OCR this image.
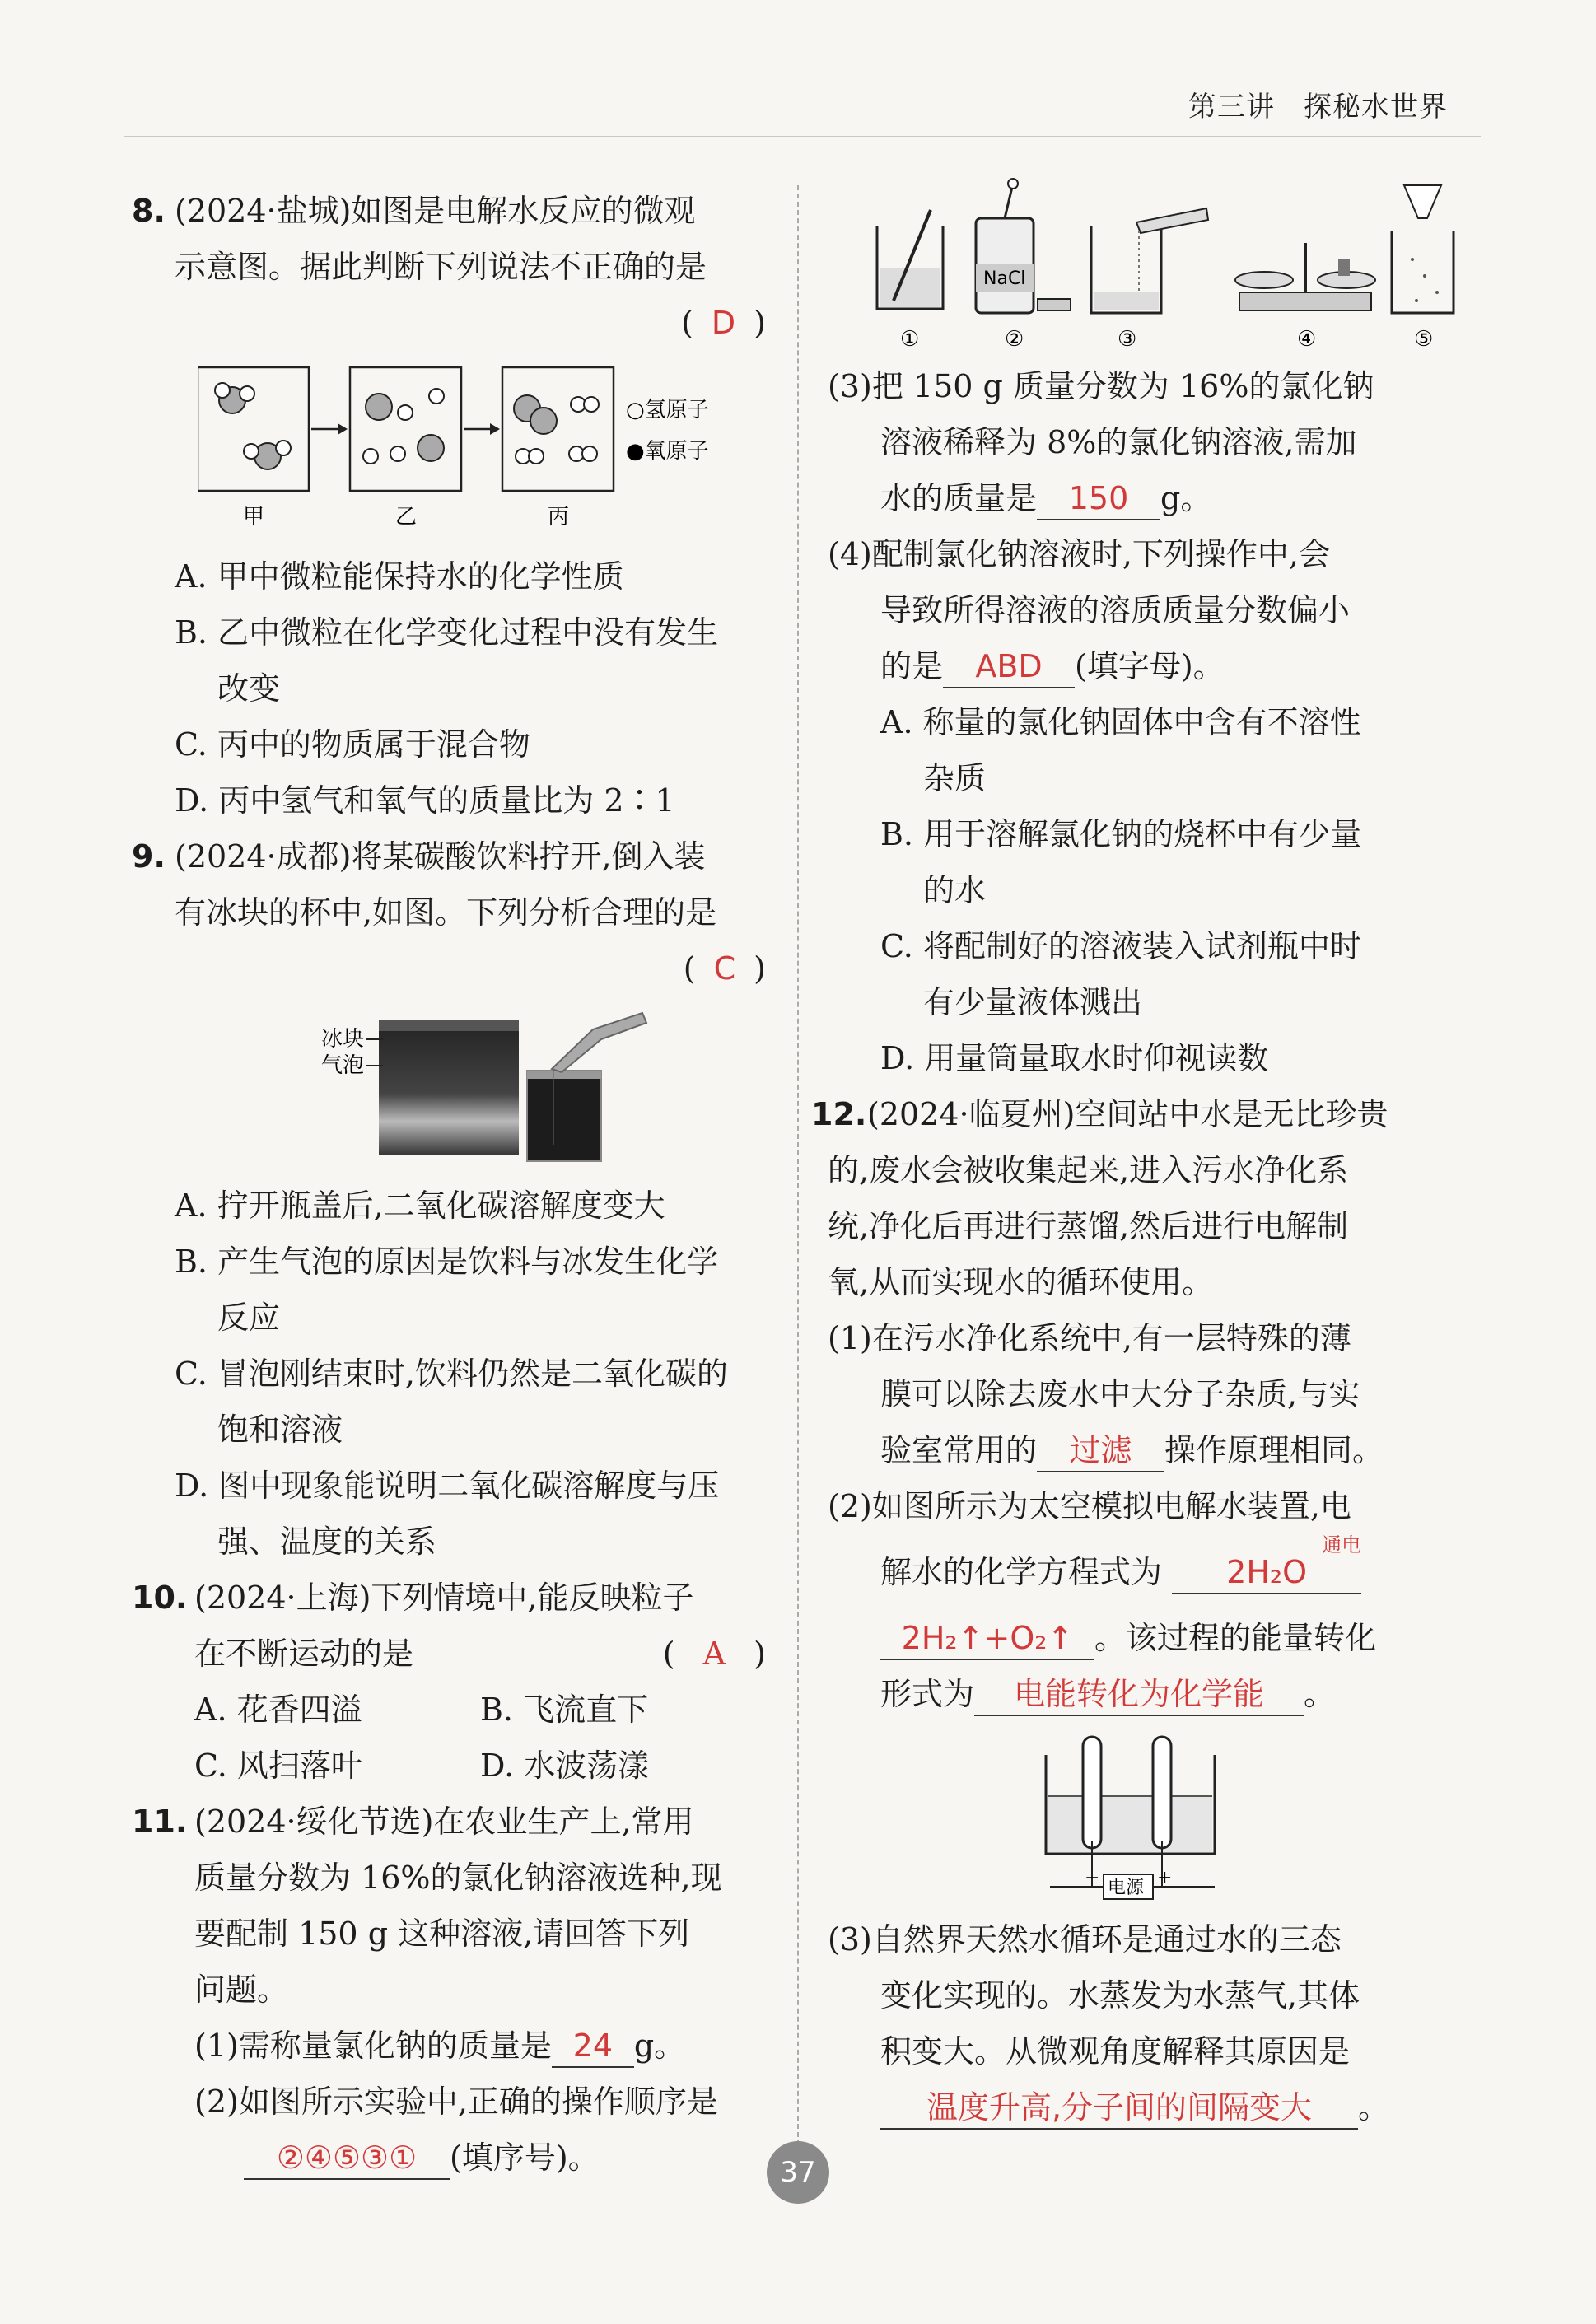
第三讲　探秘水世界
8. (2024·盐城)如图是电解水反应的微观
示意图。据此判断下列说法不正确的是
( D )
甲	乙	丙
○氢原子
●氧原子
A. 甲中微粒能保持水的化学性质
B. 乙中微粒在化学变化过程中没有发生
改变
C. 丙中的物质属于混合物
D. 丙中氢气和氧气的质量比为 2∶1
9. (2024·成都)将某碳酸饮料拧开,倒入装
有冰块的杯中,如图。下列分析合理的是
( C )
冰块
气泡
A. 拧开瓶盖后,二氧化碳溶解度变大
B. 产生气泡的原因是饮料与冰发生化学
反应
C. 冒泡刚结束时,饮料仍然是二氧化碳的
饱和溶液
D. 图中现象能说明二氧化碳溶解度与压
强、温度的关系
10. (2024·上海)下列情境中,能反映粒子
在不断运动的是	( A )
A. 花香四溢	B. 飞流直下
C. 风扫落叶	D. 水波荡漾
11. (2024·绥化节选)在农业生产上,常用
质量分数为 16%的氯化钠溶液选种,现
要配制 150 g 这种溶液,请回答下列
问题。
(1)需称量氯化钠的质量是 24 g。
(2)如图所示实验中,正确的操作顺序是
②④⑤③① (填序号)。
NaCl
①	②	③	④	⑤
(3)把 150 g 质量分数为 16%的氯化钠
溶液稀释为 8%的氯化钠溶液,需加
水的质量是 150 g。
(4)配制氯化钠溶液时,下列操作中,会
导致所得溶液的溶质质量分数偏小
的是 ABD (填字母)。
A. 称量的氯化钠固体中含有不溶性
杂质
B. 用于溶解氯化钠的烧杯中有少量
的水
C. 将配制好的溶液装入试剂瓶中时
有少量液体溅出
D. 用量筒量取水时仰视读数
12. (2024·临夏州)空间站中水是无比珍贵
的,废水会被收集起来,进入污水净化系
统,净化后再进行蒸馏,然后进行电解制
氧,从而实现水的循环使用。
(1)在污水净化系统中,有一层特殊的薄
膜可以除去废水中大分子杂质,与实
验室常用的 过滤 操作原理相同。
(2)如图所示为太空模拟电解水装置,电
解水的化学方程式为 2H₂O
通电
2H₂↑+O₂↑ 。该过程的能量转化
形式为 电能转化为化学能 。
电源
−	+
(3)自然界天然水循环是通过水的三态
变化实现的。水蒸发为水蒸气,其体
积变大。从微观角度解释其原因是
温度升高,分子间的间隔变大 。
37
